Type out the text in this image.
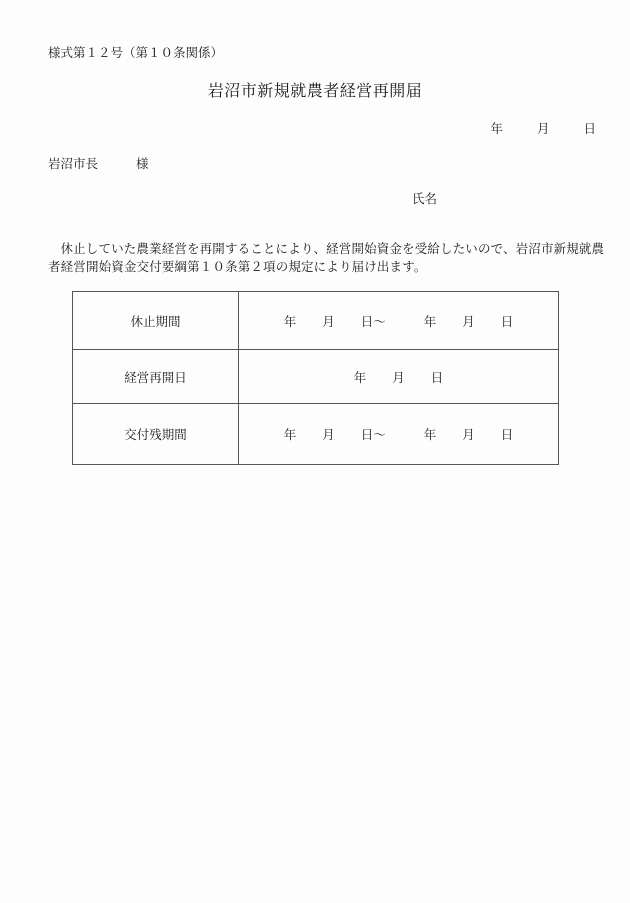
様式第１２号（第１０条関係）
岩沼市新規就農者経営再開届
年	月	日
岩沼市長	様
氏名
休止していた農業経営を再開することにより、経営開始資金を受給したいので、岩沼市新規就農者経営開始資金交付要綱第１０条第２項の規定により届け出ます。
休止期間	年 月 日～ 年 月 日
経営再開日	年 月 日
交付残期間	年 月 日～ 年 月 日
